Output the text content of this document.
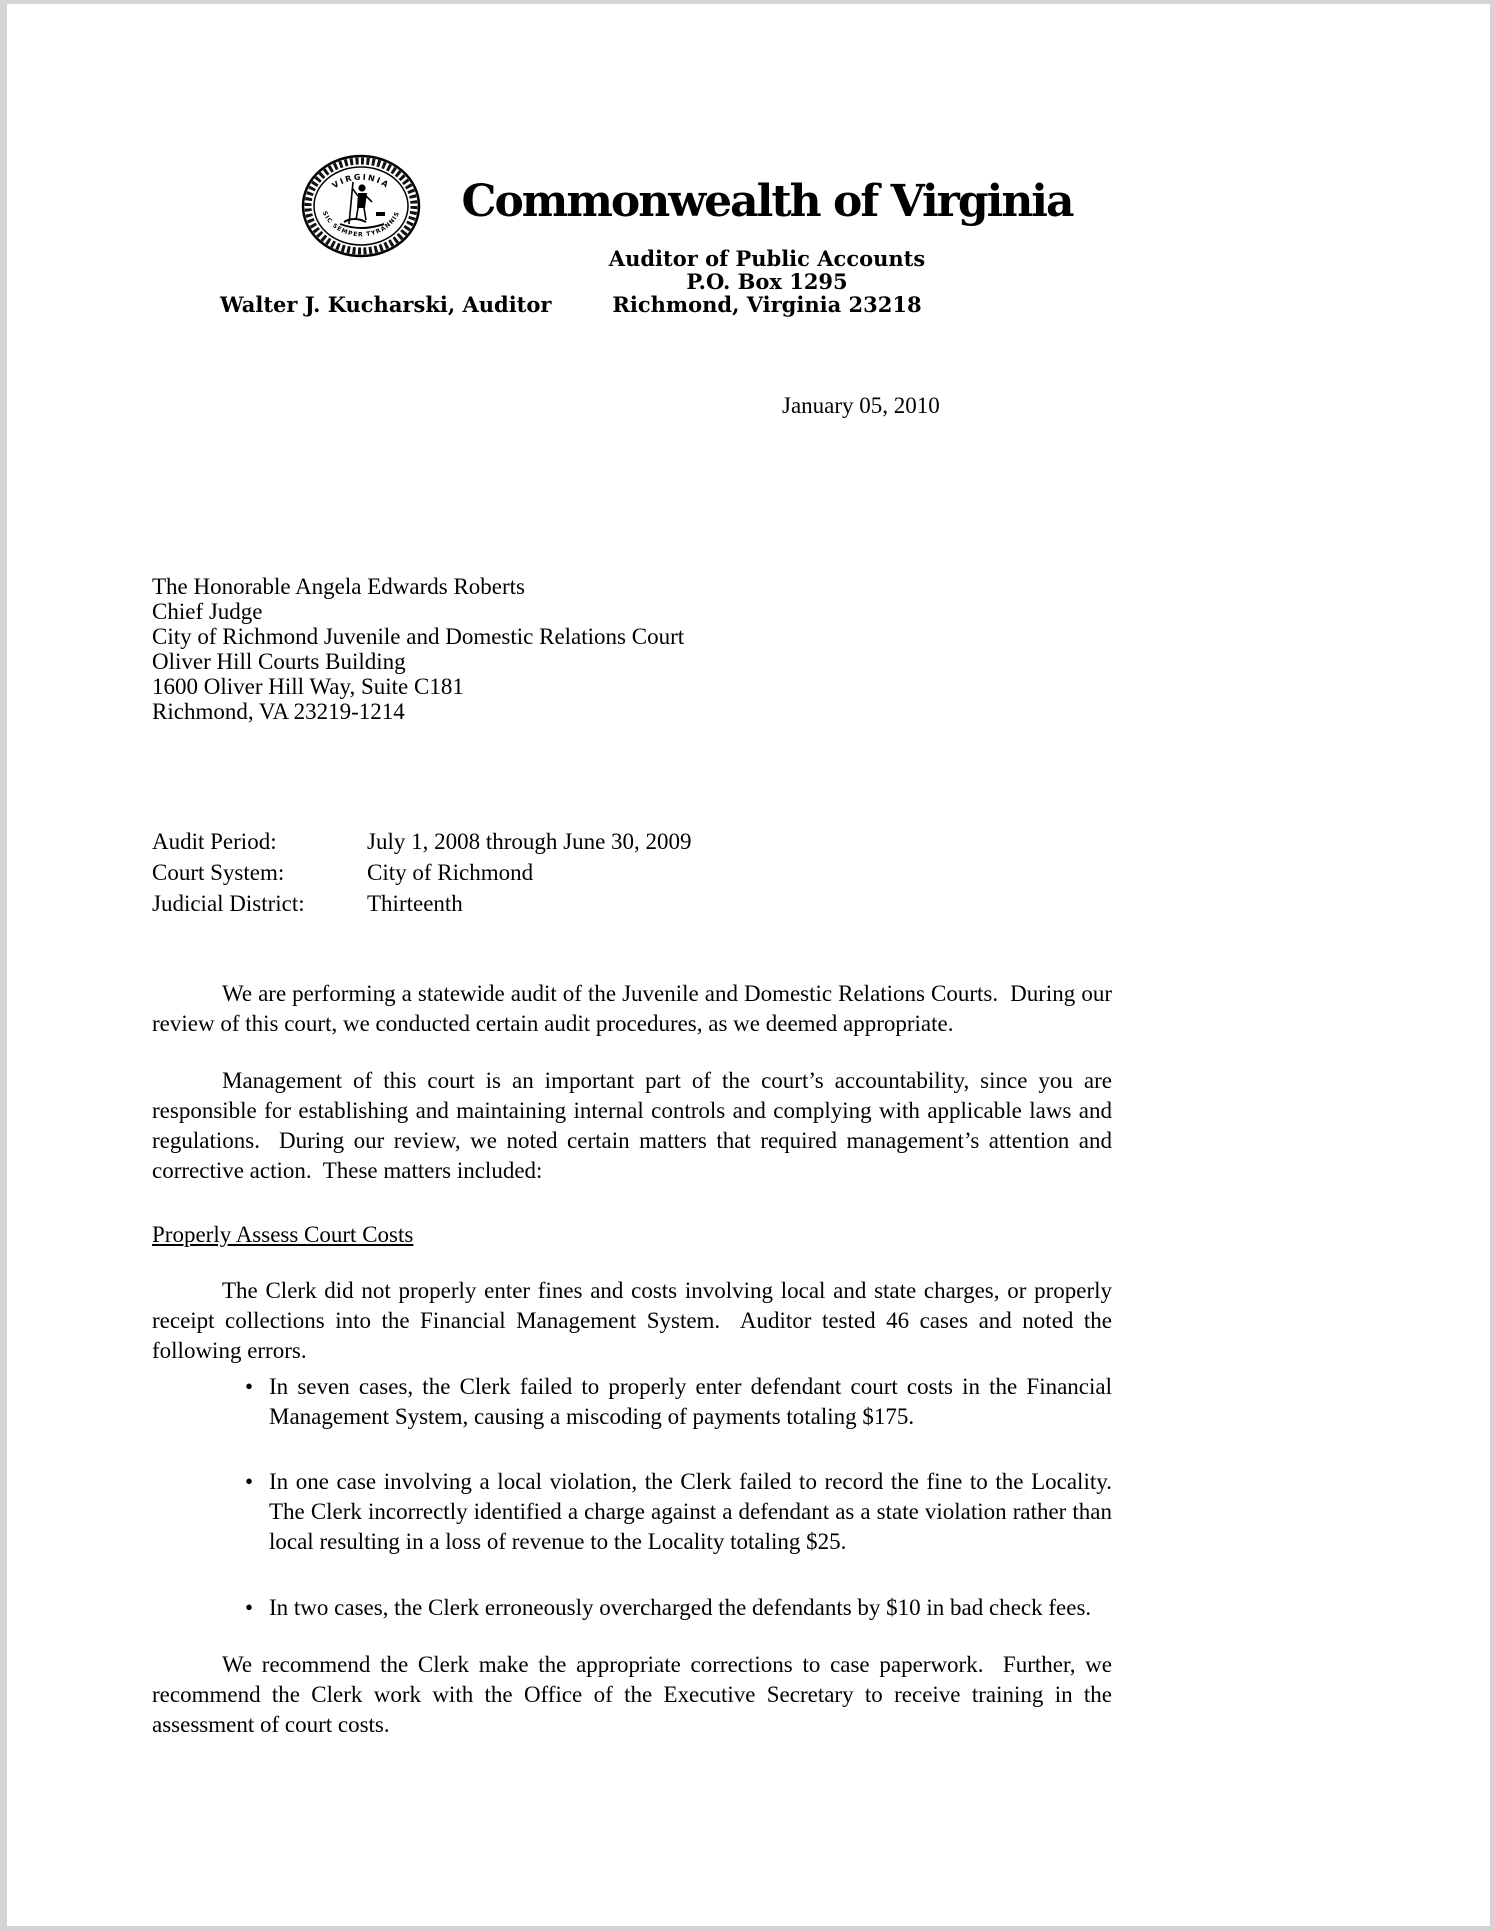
VIRGINIA
SIC SEMPER TYRANNIS	Commonwealth of Virginia
Auditor of Public Accounts
P.O. Box 1295
Richmond, Virginia 23218
Walter J. Kucharski, Auditor
January 05, 2010
The Honorable Angela Edwards Roberts
Chief Judge
City of Richmond Juvenile and Domestic Relations Court
Oliver Hill Courts Building
1600 Oliver Hill Way, Suite C181
Richmond, VA 23219-1214
Audit Period:	July 1, 2008 through June 30, 2009
Court System:	City of Richmond
Judicial District:	Thirteenth
We are performing a statewide audit of the Juvenile and Domestic Relations Courts.  During our review of this court, we conducted certain audit procedures, as we deemed appropriate.
Management of this court is an important part of the court’s accountability, since you are responsible for establishing and maintaining internal controls and complying with applicable laws and regulations.  During our review, we noted certain matters that required management’s attention and corrective action.  These matters included:
Properly Assess Court Costs
The Clerk did not properly enter fines and costs involving local and state charges, or properly receipt collections into the Financial Management System.  Auditor tested 46 cases and noted the following errors.
• In seven cases, the Clerk failed to properly enter defendant court costs in the Financial Management System, causing a miscoding of payments totaling $175.
• In one case involving a local violation, the Clerk failed to record the fine to the Locality.  The Clerk incorrectly identified a charge against a defendant as a state violation rather than local resulting in a loss of revenue to the Locality totaling $25.
• In two cases, the Clerk erroneously overcharged the defendants by $10 in bad check fees.
We recommend the Clerk make the appropriate corrections to case paperwork.  Further, we recommend the Clerk work with the Office of the Executive Secretary to receive training in the assessment of court costs.
